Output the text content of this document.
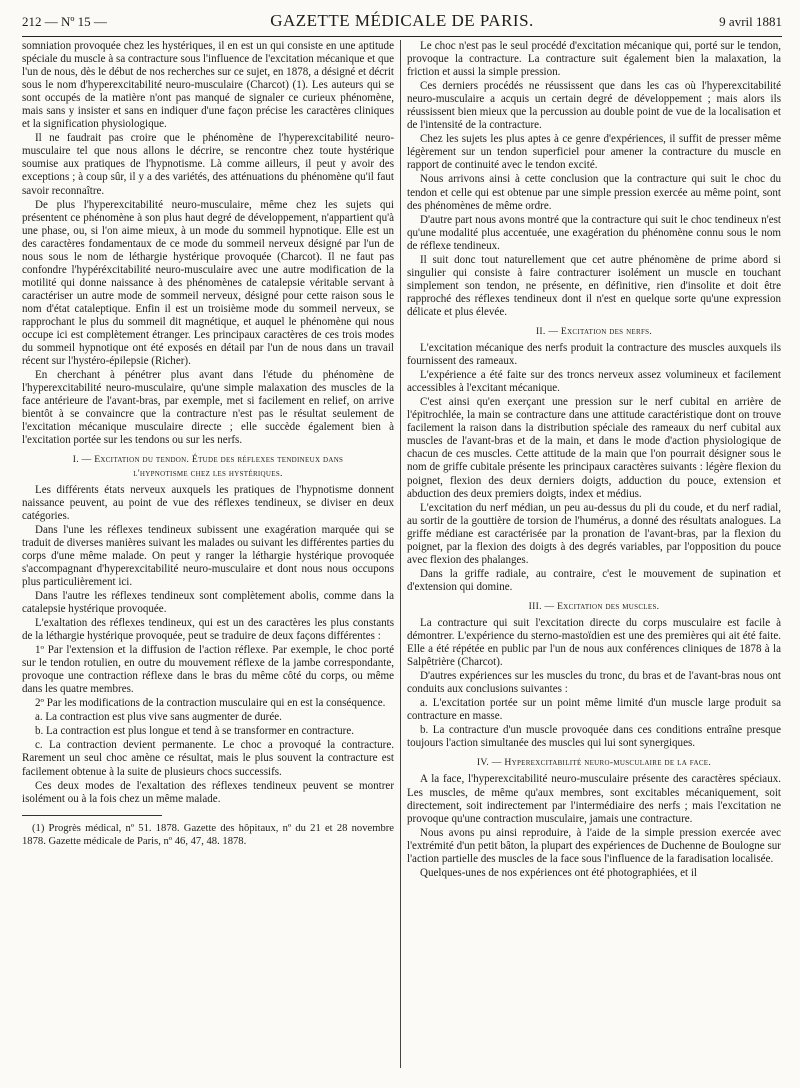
212 — Nº 15 —	GAZETTE MÉDICALE DE PARIS.	9 avril 1881

somniation provoquée chez les hystériques, il en est un qui consiste en une aptitude spéciale du muscle à sa contracture sous l'influence de l'excitation mécanique et que l'un de nous, dès le début de nos recherches sur ce sujet, en 1878, a désigné et décrit sous le nom d'hyperexcitabilité neuro-musculaire (Charcot) (1). Les auteurs qui se sont occupés de la matière n'ont pas manqué de signaler ce curieux phénomène, mais sans y insister et sans en indiquer d'une façon précise les caractères cliniques et la signification physiologique.

Il ne faudrait pas croire que le phénomène de l'hyperexcitabilité neuro-musculaire tel que nous allons le décrire, se rencontre chez toute hystérique soumise aux pratiques de l'hypnotisme. Là comme ailleurs, il peut y avoir des exceptions ; à coup sûr, il y a des variétés, des atténuations du phénomène qu'il faut savoir reconnaître.

De plus l'hyperexcitabilité neuro-musculaire, même chez les sujets qui présentent ce phénomène à son plus haut degré de développement, n'appartient qu'à une phase, ou, si l'on aime mieux, à un mode du sommeil hypnotique. Elle est un des caractères fondamentaux de ce mode du sommeil nerveux désigné par l'un de nous sous le nom de léthargie hystérique provoquée (Charcot). Il ne faut pas confondre l'hypéréxcitabilité neuro-musculaire avec une autre modification de la motilité qui donne naissance à des phénomènes de catalepsie véritable servant à caractériser un autre mode de sommeil nerveux, désigné pour cette raison sous le nom d'état cataleptique. Enfin il est un troisième mode du sommeil nerveux, se rapprochant le plus du sommeil dit magnétique, et auquel le phénomène qui nous occupe ici est complètement étranger. Les principaux caractères de ces trois modes du sommeil hypnotique ont été exposés en détail par l'un de nous dans un travail récent sur l'hystéro-épilepsie (Richer).

En cherchant à pénétrer plus avant dans l'étude du phénomène de l'hyperexcitabilité neuro-musculaire, qu'une simple malaxation des muscles de la face antérieure de l'avant-bras, par exemple, met si facilement en relief, on arrive bientôt à se convaincre que la contracture n'est pas le résultat seulement de l'excitation mécanique musculaire directe ; elle succède également bien à l'excitation portée sur les tendons ou sur les nerfs.

I. — Excitation du tendon. Étude des réflexes tendineux dans
l'hypnotisme chez les hystériques.

Les différents états nerveux auxquels les pratiques de l'hypnotisme donnent naissance peuvent, au point de vue des réflexes tendineux, se diviser en deux catégories.

Dans l'une les réflexes tendineux subissent une exagération marquée qui se traduit de diverses manières suivant les malades ou suivant les différentes parties du corps d'une même malade. On peut y ranger la léthargie hystérique provoquée s'accompagnant d'hyperexcitabilité neuro-musculaire et dont nous nous occupons plus particulièrement ici.

Dans l'autre les réflexes tendineux sont complètement abolis, comme dans la catalepsie hystérique provoquée.

L'exaltation des réflexes tendineux, qui est un des caractères les plus constants de la léthargie hystérique provoquée, peut se traduire de deux façons différentes :

1º Par l'extension et la diffusion de l'action réflexe. Par exemple, le choc porté sur le tendon rotulien, en outre du mouvement réflexe de la jambe correspondante, provoque une contraction réflexe dans le bras du même côté du corps, ou même dans les quatre membres.

2º Par les modifications de la contraction musculaire qui en est la conséquence.

a. La contraction est plus vive sans augmenter de durée.

b. La contraction est plus longue et tend à se transformer en contracture.

c. La contraction devient permanente. Le choc a provoqué la contracture. Rarement un seul choc amène ce résultat, mais le plus souvent la contracture est facilement obtenue à la suite de plusieurs chocs successifs.

Ces deux modes de l'exaltation des réflexes tendineux peuvent se montrer isolément ou à la fois chez un même malade.

(1) Progrès médical, nº 51. 1878. Gazette des hôpitaux, nº du 21 et 28 novembre 1878. Gazette médicale de Paris, nº 46, 47, 48. 1878.

Le choc n'est pas le seul procédé d'excitation mécanique qui, porté sur le tendon, provoque la contracture. La contracture suit également bien la malaxation, la friction et aussi la simple pression.

Ces derniers procédés ne réussissent que dans les cas où l'hyperexcitabilité neuro-musculaire a acquis un certain degré de développement ; mais alors ils réussissent bien mieux que la percussion au double point de vue de la localisation et de l'intensité de la contracture.

Chez les sujets les plus aptes à ce genre d'expériences, il suffit de presser même légèrement sur un tendon superficiel pour amener la contracture du muscle en rapport de continuité avec le tendon excité.

Nous arrivons ainsi à cette conclusion que la contracture qui suit le choc du tendon et celle qui est obtenue par une simple pression exercée au même point, sont des phénomènes de même ordre.

D'autre part nous avons montré que la contracture qui suit le choc tendineux n'est qu'une modalité plus accentuée, une exagération du phénomène connu sous le nom de réflexe tendineux.

Il suit donc tout naturellement que cet autre phénomène de prime abord si singulier qui consiste à faire contracturer isolément un muscle en touchant simplement son tendon, ne présente, en définitive, rien d'insolite et doit être rapproché des réflexes tendineux dont il n'est en quelque sorte qu'une expression délicate et plus élevée.

II. — Excitation des nerfs.

L'excitation mécanique des nerfs produit la contracture des muscles auxquels ils fournissent des rameaux.

L'expérience a été faite sur des troncs nerveux assez volumineux et facilement accessibles à l'excitant mécanique.

C'est ainsi qu'en exerçant une pression sur le nerf cubital en arrière de l'épitrochlée, la main se contracture dans une attitude caractéristique dont on trouve facilement la raison dans la distribution spéciale des rameaux du nerf cubital aux muscles de l'avant-bras et de la main, et dans le mode d'action physiologique de chacun de ces muscles. Cette attitude de la main que l'on pourrait désigner sous le nom de griffe cubitale présente les principaux caractères suivants : légère flexion du poignet, flexion des deux derniers doigts, adduction du pouce, extension et abduction des deux premiers doigts, index et médius.

L'excitation du nerf médian, un peu au-dessus du pli du coude, et du nerf radial, au sortir de la gouttière de torsion de l'humérus, a donné des résultats analogues. La griffe médiane est caractérisée par la pronation de l'avant-bras, par la flexion du poignet, par la flexion des doigts à des degrés variables, par l'opposition du pouce avec flexion des phalanges.

Dans la griffe radiale, au contraire, c'est le mouvement de supination et d'extension qui domine.

III. — Excitation des muscles.

La contracture qui suit l'excitation directe du corps musculaire est facile à démontrer. L'expérience du sterno-mastoïdien est une des premières qui ait été faite. Elle a été répétée en public par l'un de nous aux conférences cliniques de 1878 à la Salpêtrière (Charcot).

D'autres expériences sur les muscles du tronc, du bras et de l'avant-bras nous ont conduits aux conclusions suivantes :

a. L'excitation portée sur un point même limité d'un muscle large produit sa contracture en masse.

b. La contracture d'un muscle provoquée dans ces conditions entraîne presque toujours l'action simultanée des muscles qui lui sont synergiques.

IV. — Hyperexcitabilité neuro-musculaire de la face.

A la face, l'hyperexcitabilité neuro-musculaire présente des caractères spéciaux. Les muscles, de même qu'aux membres, sont excitables mécaniquement, soit directement, soit indirectement par l'intermédiaire des nerfs ; mais l'excitation ne provoque qu'une contraction musculaire, jamais une contracture.

Nous avons pu ainsi reproduire, à l'aide de la simple pression exercée avec l'extrémité d'un petit bâton, la plupart des expériences de Duchenne de Boulogne sur l'action partielle des muscles de la face sous l'influence de la faradisation localisée.

Quelques-unes de nos expériences ont été photographiées, et il
